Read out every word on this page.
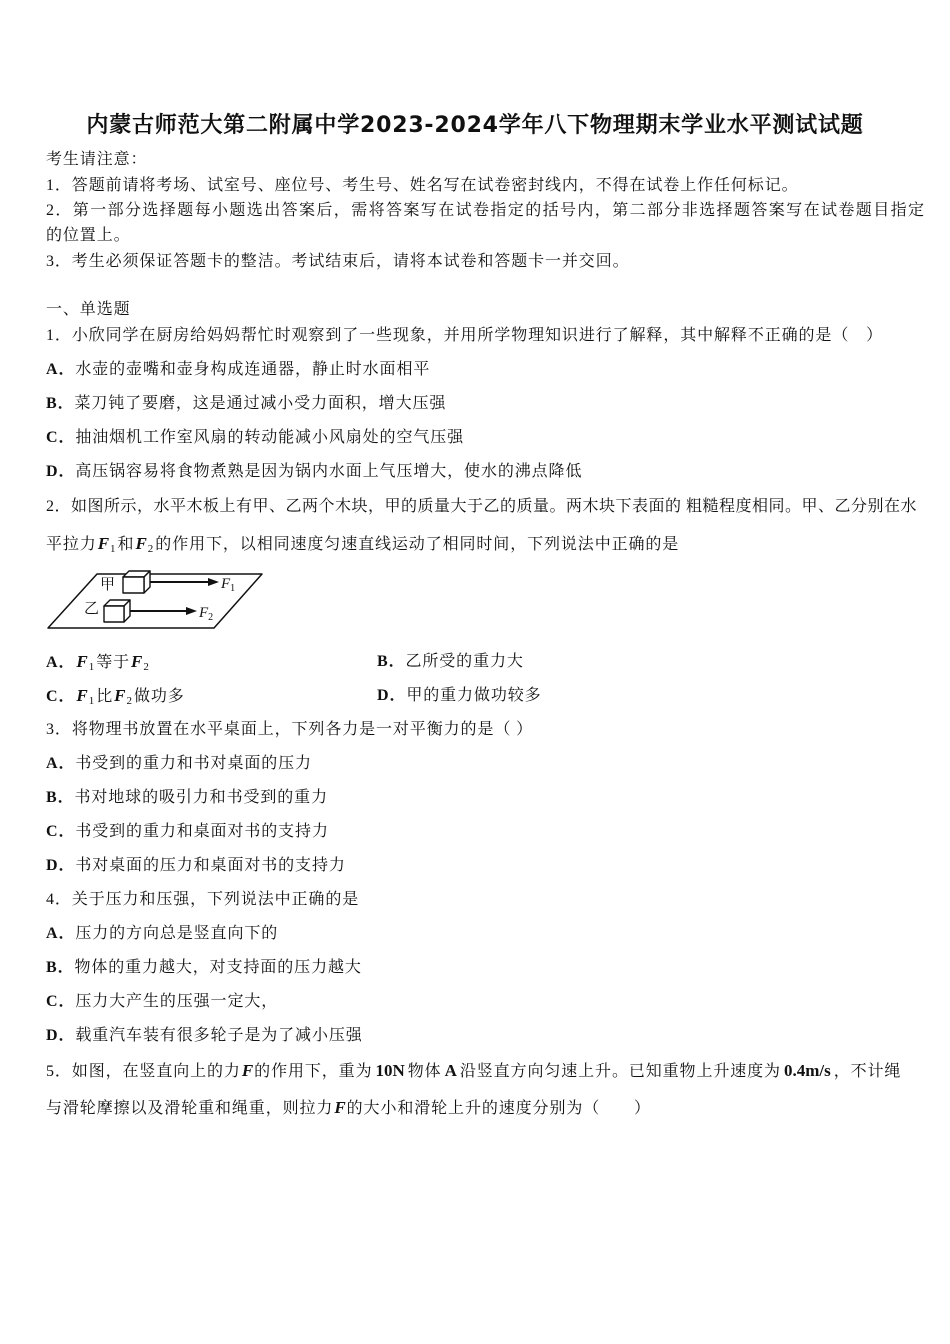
内蒙古师范大第二附属中学2023-2024学年八下物理期末学业水平测试试题
考生请注意：
1．答题前请将考场、试室号、座位号、考生号、姓名写在试卷密封线内，不得在试卷上作任何标记。
2．第一部分选择题每小题选出答案后，需将答案写在试卷指定的括号内，第二部分非选择题答案写在试卷题目指定
的位置上。
3．考生必须保证答题卡的整洁。考试结束后，请将本试卷和答题卡一并交回。
一、单选题
1．小欣同学在厨房给妈妈帮忙时观察到了一些现象，并用所学物理知识进行了解释，其中解释不正确的是（　）
A．水壶的壶嘴和壶身构成连通器，静止时水面相平
B．菜刀钝了要磨，这是通过减小受力面积，增大压强
C．抽油烟机工作室风扇的转动能减小风扇处的空气压强
D．高压锅容易将食物煮熟是因为锅内水面上气压增大，使水的沸点降低
2．如图所示，水平木板上有甲、乙两个木块，甲的质量大于乙的质量。两木块下表面的 粗糙程度相同。甲、乙分别在水
平拉力$F_1$ 和$F_2$ 的作用下，以相同速度匀速直线运动了相同时间，下列说法中正确的是
$F_1$
甲
$F_2$
乙
A．$F_1$ 等于$F_2$	B．乙所受的重力大
C．$F_1$ 比$F_2$ 做功多	D．甲的重力做功较多
3．将物理书放置在水平桌面上，下列各力是一对平衡力的是（ ）
A．书受到的重力和书对桌面的压力
B．书对地球的吸引力和书受到的重力
C．书受到的重力和桌面对书的支持力
D．书对桌面的压力和桌面对书的支持力
4．关于压力和压强，下列说法中正确的是
A．压力的方向总是竖直向下的
B．物体的重力越大，对支持面的压力越大
C．压力大产生的压强一定大，
D．载重汽车装有很多轮子是为了减小压强
5．如图，在竖直向上的力F的作用下，重为 10N 物体 A 沿竖直方向匀速上升。已知重物上升速度为 0.4m/s ，不计绳
与滑轮摩擦以及滑轮重和绳重，则拉力F的大小和滑轮上升的速度分别为（　　）
